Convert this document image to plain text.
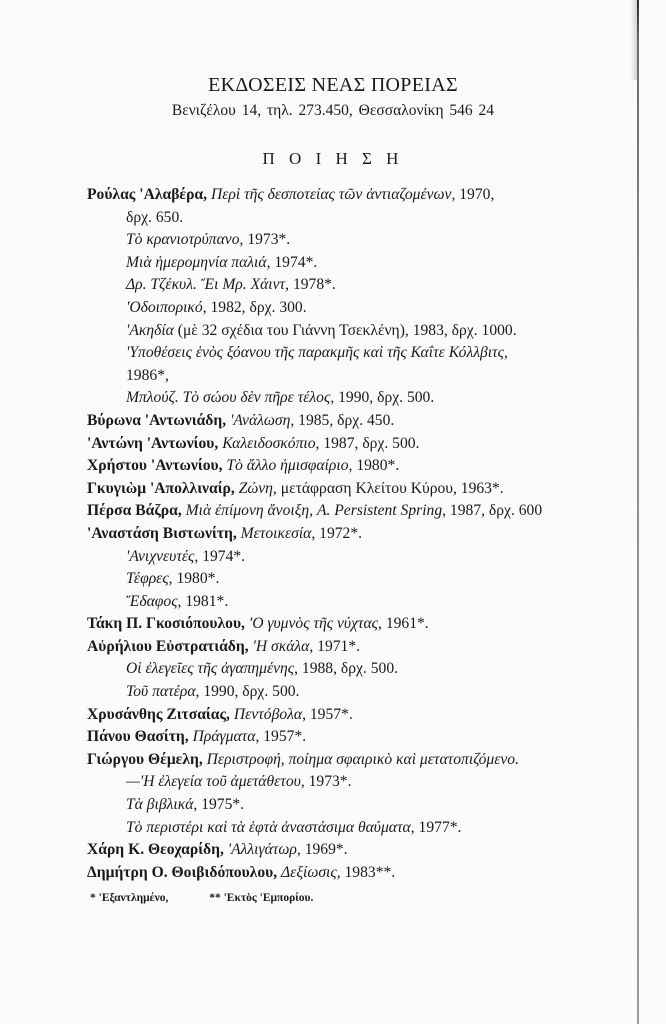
ΕΚΔΟΣΕΙΣ ΝΕΑΣ ΠΟΡΕΙΑΣ
Βενιζέλου 14, τηλ. 273.450, Θεσσαλονίκη 546 24
Π Ο Ι Η Σ Η
Ρούλας 'Αλαβέρα, Περὶ τῆς δεσποτείας τῶν ἀντιαζομένων, 1970,
δρχ. 650.
Τὸ κρανιοτρύπανο, 1973*.
Μιὰ ἡμερομηνία παλιά, 1974*.
Δρ. Τζέκυλ. Ἔι Μρ. Χάιντ, 1978*.
'Οδοιπορικό, 1982, δρχ. 300.
'Ακηδία (μὲ 32 σχέδια του Γιάννη Τσεκλένη), 1983, δρχ. 1000.
'Υποθέσεις ἑνὸς ξόανου τῆς παρακμῆς καὶ τῆς Καΐτε Κόλλβιτς,
1986*,
Μπλούζ. Τὸ σώου δὲν πῆρε τέλος, 1990, δρχ. 500.
Βύρωνα 'Αντωνιάδη, 'Ανάλωση, 1985, δρχ. 450.
'Αντώνη 'Αντωνίου, Καλειδοσκόπιο, 1987, δρχ. 500.
Χρήστου 'Αντωνίου, Τὸ ἄλλο ἡμισφαίριο, 1980*.
Γκυγιὼμ 'Απολλιναίρ, Ζώνη, μετάφραση Κλείτου Κύρου, 1963*.
Πέρσα Βάζρα, Μιὰ ἐπίμονη ἄνοιξη, A. Persistent Spring, 1987, δρχ. 600
'Αναστάση Βιστωνίτη, Μετοικεσία, 1972*.
'Ανιχνευτές, 1974*.
Τέφρες, 1980*.
Ἔδαφος, 1981*.
Τάκη Π. Γκοσιόπουλου, 'Ο γυμνὸς τῆς νύχτας, 1961*.
Αὐρήλιου Εὐστρατιάδη, 'Η σκάλα, 1971*.
Οἱ ἐλεγεῖες τῆς ἀγαπημένης, 1988, δρχ. 500.
Τοῦ πατέρα, 1990, δρχ. 500.
Χρυσάνθης Ζιτσαίας, Πεντόβολα, 1957*.
Πάνου Θασίτη, Πράγματα, 1957*.
Γιώργου Θέμελη, Περιστροφή, ποίημα σφαιρικὸ καὶ μετατοπιζόμενο.
—'Η ἐλεγεία τοῦ ἀμετάθετου, 1973*.
Τὰ βιβλικά, 1975*.
Τὸ περιστέρι καὶ τὰ ἑφτὰ ἀναστάσιμα θαύματα, 1977*.
Χάρη Κ. Θεοχαρίδη, 'Αλλιγάτωρ, 1969*.
Δημήτρη Ο. Θοιβιδόπουλου, Δεξίωσις, 1983**.
* 'Εξαντλημένο,	** 'Εκτὸς 'Εμπορίου.
